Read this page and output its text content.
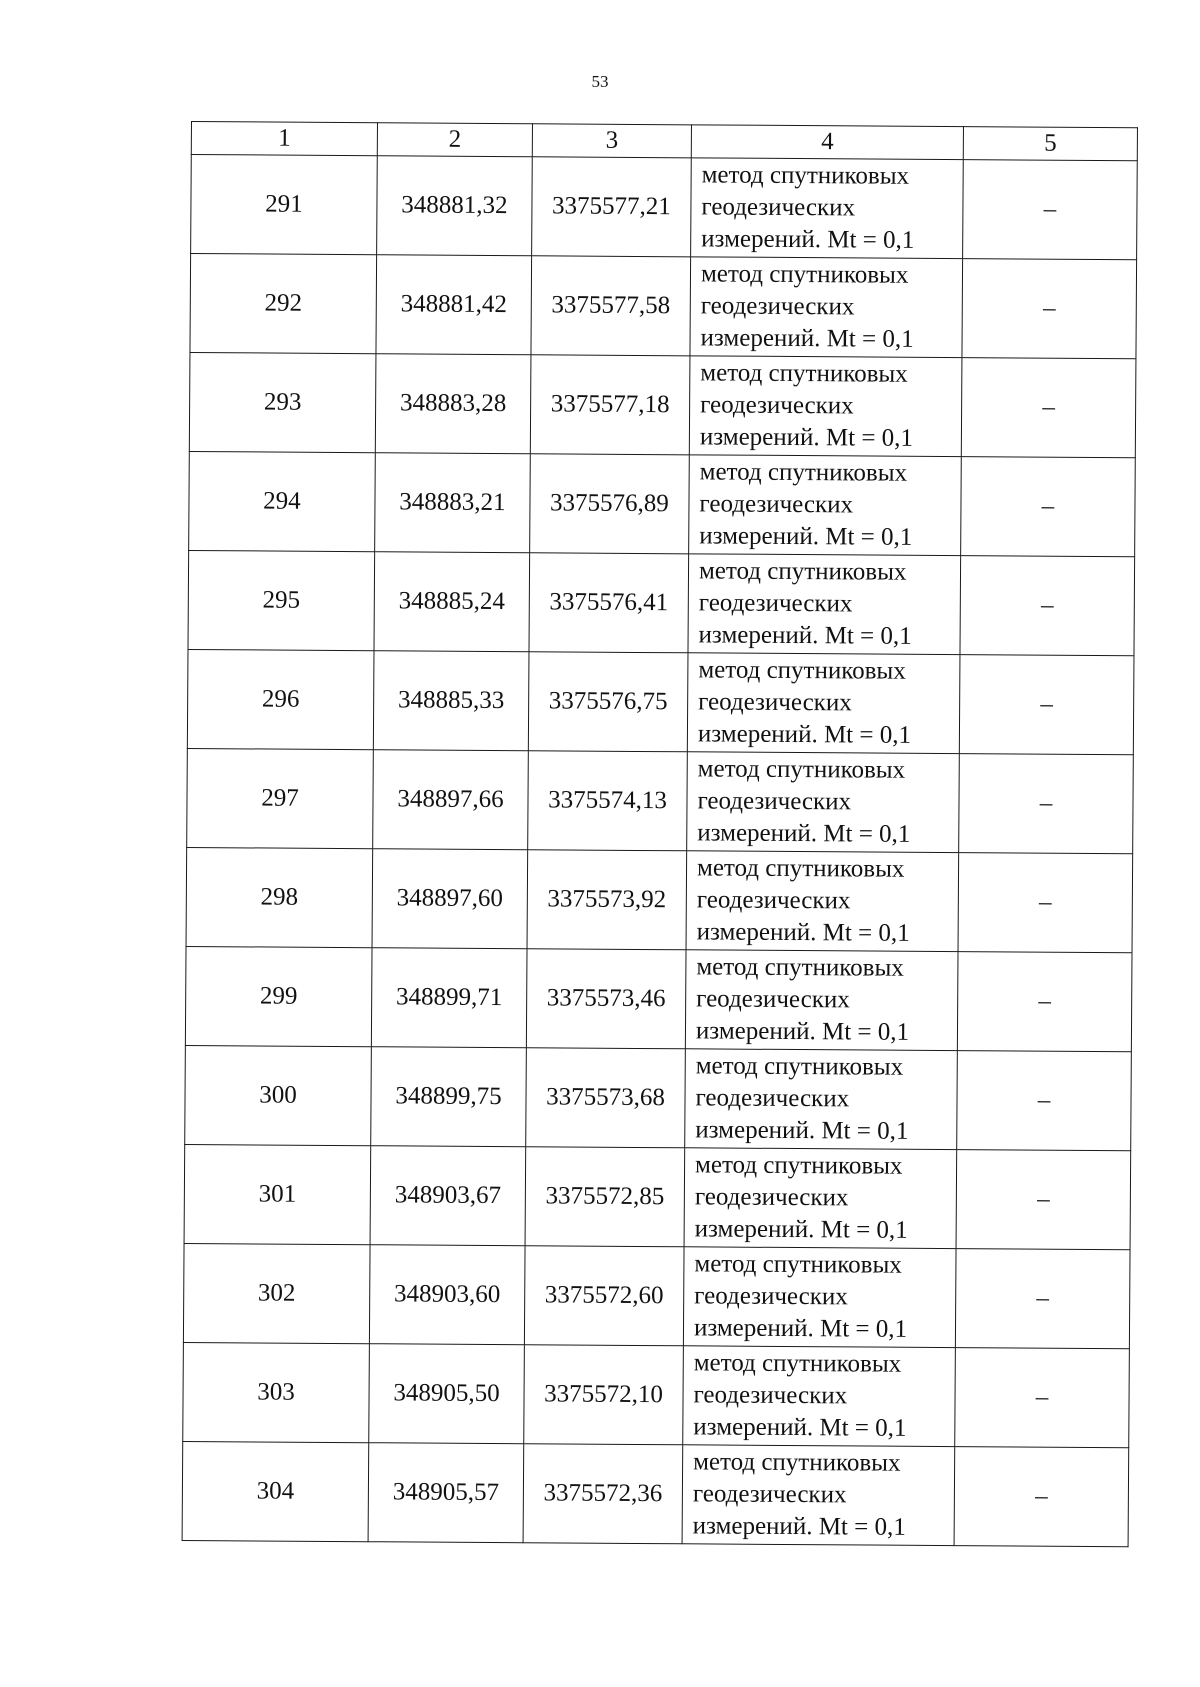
53
1	2	3	4	5
291	348881,32	3375577,21	метод спутниковых
геодезических
измерений. Mt = 0,1	–
292	348881,42	3375577,58	метод спутниковых
геодезических
измерений. Mt = 0,1	–
293	348883,28	3375577,18	метод спутниковых
геодезических
измерений. Mt = 0,1	–
294	348883,21	3375576,89	метод спутниковых
геодезических
измерений. Mt = 0,1	–
295	348885,24	3375576,41	метод спутниковых
геодезических
измерений. Mt = 0,1	–
296	348885,33	3375576,75	метод спутниковых
геодезических
измерений. Mt = 0,1	–
297	348897,66	3375574,13	метод спутниковых
геодезических
измерений. Mt = 0,1	–
298	348897,60	3375573,92	метод спутниковых
геодезических
измерений. Mt = 0,1	–
299	348899,71	3375573,46	метод спутниковых
геодезических
измерений. Mt = 0,1	–
300	348899,75	3375573,68	метод спутниковых
геодезических
измерений. Mt = 0,1	–
301	348903,67	3375572,85	метод спутниковых
геодезических
измерений. Mt = 0,1	–
302	348903,60	3375572,60	метод спутниковых
геодезических
измерений. Mt = 0,1	–
303	348905,50	3375572,10	метод спутниковых
геодезических
измерений. Mt = 0,1	–
304	348905,57	3375572,36	метод спутниковых
геодезических
измерений. Mt = 0,1	–
